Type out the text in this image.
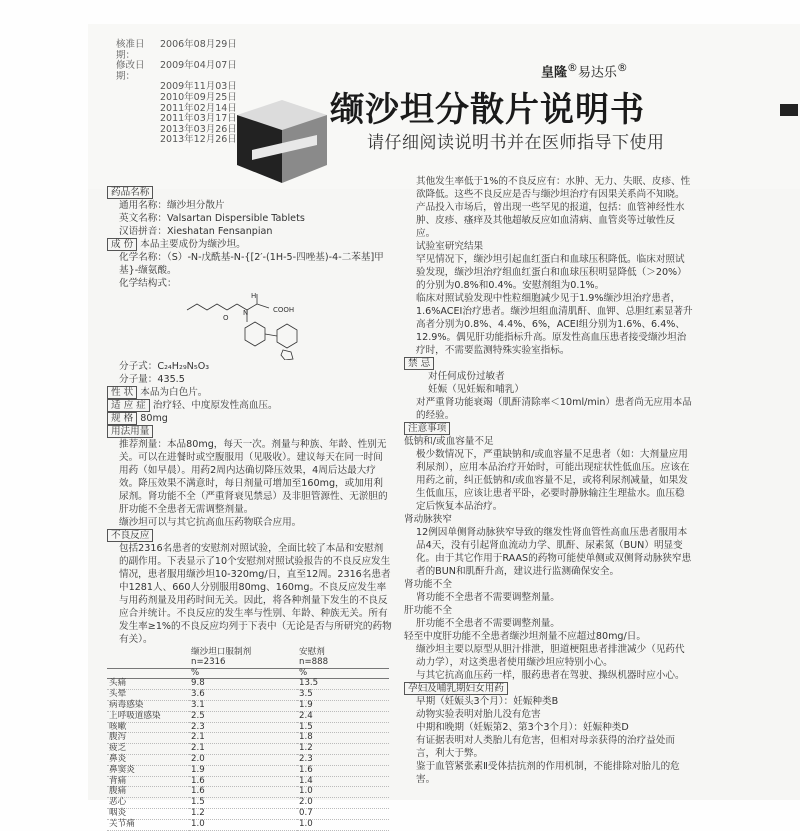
核准日期：
2006年08月29日
修改日期：
2009年04月07日
2009年11月03日
2010年09月25日
2011年02月14日
2011年03月17日
2013年03月26日
2013年12月26日
皇隆®易达乐®
缬沙坦分散片说明书
请仔细阅读说明书并在医师指导下使用

药品名称

通用名称：缬沙坦分散片

英文名称：Valsartan Dispersible Tablets

汉语拼音：Xieshatan Fensanpian

成 份 本品主要成份为缬沙坦。

化学名称：（S）-N-戊酰基-N-{[2′-(1H-5-四唑基)-4-二苯基]甲基}-缬氨酸。

化学结构式：

COOH
H
N
O

分子式：C₂₄H₂₉N₅O₃

分子量：435.5

性 状 本品为白色片。

适 应 症 治疗轻、中度原发性高血压。

规 格 80mg

用法用量

推荐剂量：本品80mg，每天一次。剂量与种族、年龄、性别无关。可以在进餐时或空腹服用（见吸收）。建议每天在同一时间用药（如早晨）。用药2周内达确切降压效果，4周后达最大疗效。降压效果不满意时，每日剂量可增加至160mg，或加用利尿剂。肾功能不全（严重肾衰见禁忌）及非胆管源性、无淤胆的肝功能不全患者无需调整剂量。

缬沙坦可以与其它抗高血压药物联合应用。

不良反应

包括2316名患者的安慰剂对照试验，全面比较了本品和安慰剂的副作用。下表显示了10个安慰剂对照试验报告的不良反应发生情况，患者服用缬沙坦10-320mg/日，直至12周。2316名患者中1281人、660人分别服用80mg、160mg。不良反应发生率与用药剂量及用药时间无关。因此，将各种剂量下发生的不良反应合并统计。不良反应的发生率与性别、年龄、种族无关。所有发生率≥1%的不良反应均列于下表中（无论是否与所研究的药物有关）。

	缬沙坦口服制剂
n=2316	安慰剂
n=888
	%	%
头痛	9.8	13.5
头晕	3.6	3.5
病毒感染	3.1	1.9
上呼吸道感染	2.5	2.4
咳嗽	2.3	1.5
腹泻	2.1	1.8
疲乏	2.1	1.2
鼻炎	2.0	2.3
鼻窦炎	1.9	1.6
背痛	1.6	1.4
腹痛	1.6	1.0
恶心	1.5	2.0
咽炎	1.2	0.7
关节痛	1.0	1.0

其他发生率低于1%的不良反应有：水肿、无力、失眠、皮疹、性欲降低。这些不良反应是否与缬沙坦治疗有因果关系尚不知晓。产品投入市场后，曾出现一些罕见的报道，包括：血管神经性水肿、皮疹、瘙痒及其他超敏反应如血清病、血管炎等过敏性反应。

试验室研究结果

罕见情况下，缬沙坦引起血红蛋白和血球压积降低。临床对照试验发现，缬沙坦治疗组血红蛋白和血球压积明显降低（＞20%）的分别为0.8%和0.4%。安慰剂组为0.1%。

临床对照试验发现中性粒细胞减少见于1.9%缬沙坦治疗患者，1.6%ACEI治疗患者。缬沙坦组血清肌酐、血钾、总胆红素显著升高者分别为0.8%、4.4%、6%，ACEI组分别为1.6%、6.4%、12.9%。偶见肝功能指标升高。原发性高血压患者接受缬沙坦治疗时，不需要监测特殊实验室指标。

禁 忌

对任何成份过敏者

妊娠（见妊娠和哺乳）

对严重肾功能衰竭（肌酐清除率＜10ml/min）患者尚无应用本品的经验。

注意事项

低钠和/或血容量不足

极少数情况下，严重缺钠和/或血容量不足患者（如：大剂量应用利尿剂），应用本品治疗开始时，可能出现症状性低血压。应该在用药之前，纠正低钠和/或血容量不足，或将利尿剂减量，如果发生低血压，应该让患者平卧，必要时静脉输注生理盐水。血压稳定后恢复本品治疗。

肾动脉狭窄

12例因单侧肾动脉狭窄导致的继发性肾血管性高血压患者服用本品4天，没有引起肾血流动力学、肌酐、尿素氮（BUN）明显变化。由于其它作用于RAAS的药物可能使单侧或双侧肾动脉狭窄患者的BUN和肌酐升高，建议进行监测确保安全。

肾功能不全

肾功能不全患者不需要调整剂量。

肝功能不全

肝功能不全患者不需要调整剂量。

轻至中度肝功能不全患者缬沙坦剂量不应超过80mg/日。

缬沙坦主要以原型从胆汁排泄，胆道梗阻患者排泄减少（见药代动力学），对这类患者使用缬沙坦应特别小心。

与其它抗高血压药一样，服药患者在驾驶、操纵机器时应小心。

孕妇及哺乳期妇女用药

早期（妊娠头3个月）：妊娠种类B

动物实验表明对胎儿没有危害

中期和晚期（妊娠第2、第3个3个月）：妊娠种类D

有证据表明对人类胎儿有危害，但相对母亲获得的治疗益处而言，利大于弊。

鉴于血管紧张素Ⅱ受体拮抗剂的作用机制，不能排除对胎儿的危害。
